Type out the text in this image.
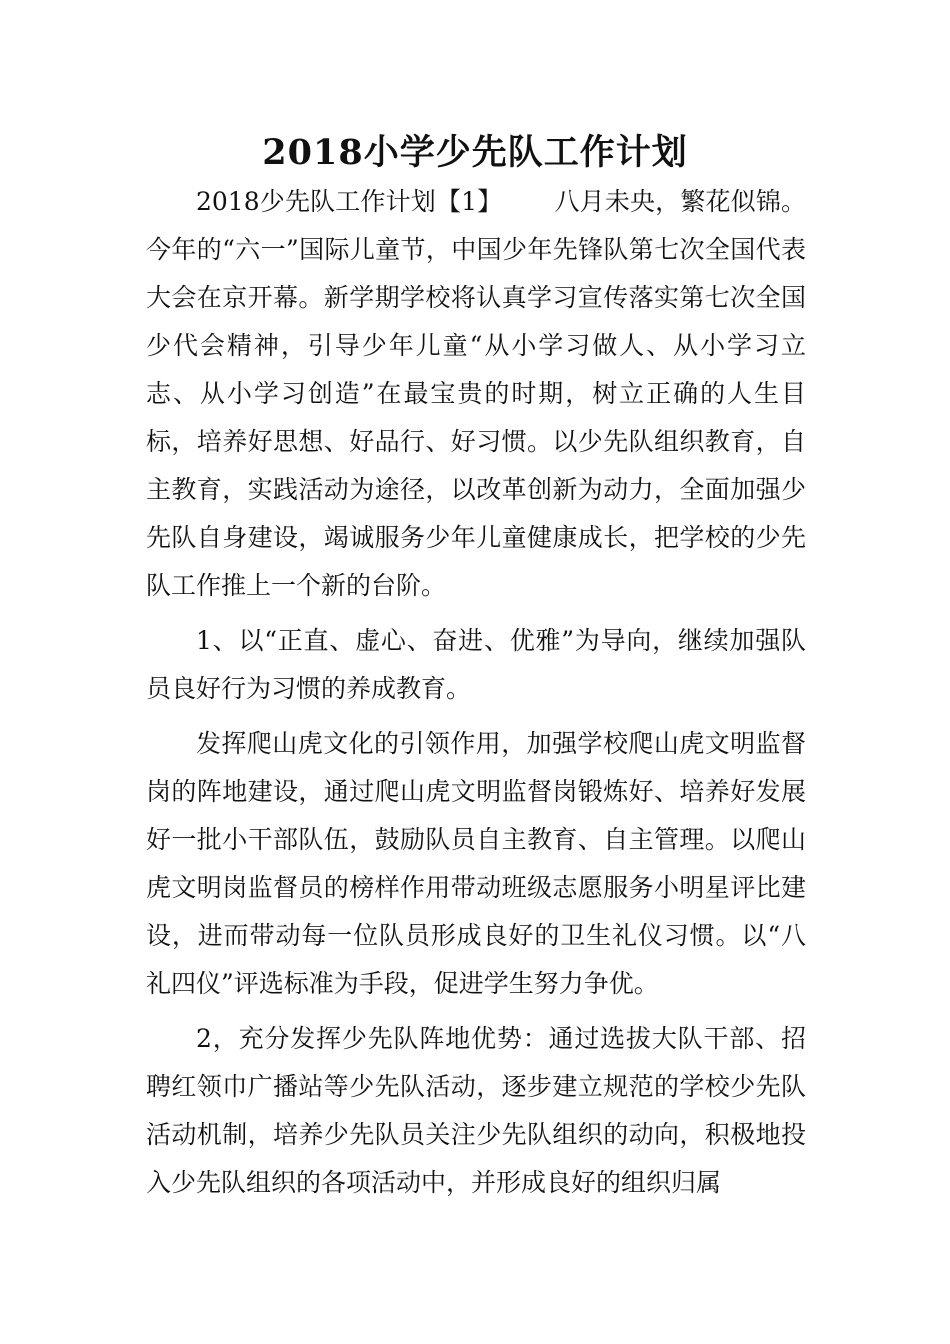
2018小学少先队工作计划

2018少先队工作计划【1】 八月未央，繁花似锦。今年的“六一”国际儿童节，中国少年先锋队第七次全国代表大会在京开幕。新学期学校将认真学习宣传落实第七次全国少代会精神，引导少年儿童“从小学习做人、从小学习立志、从小学习创造”在最宝贵的时期，树立正确的人生目标，培养好思想、好品行、好习惯。以少先队组织教育，自主教育，实践活动为途径，以改革创新为动力，全面加强少先队自身建设，竭诚服务少年儿童健康成长，把学校的少先队工作推上一个新的台阶。

1、以“正直、虚心、奋进、优雅”为导向，继续加强队员良好行为习惯的养成教育。

发挥爬山虎文化的引领作用，加强学校爬山虎文明监督岗的阵地建设，通过爬山虎文明监督岗锻炼好、培养好发展好一批小干部队伍，鼓励队员自主教育、自主管理。以爬山虎文明岗监督员的榜样作用带动班级志愿服务小明星评比建设，进而带动每一位队员形成良好的卫生礼仪习惯。以“八礼四仪”评选标准为手段，促进学生努力争优。

2，充分发挥少先队阵地优势：通过选拔大队干部、招聘红领巾广播站等少先队活动，逐步建立规范的学校少先队活动机制，培养少先队员关注少先队组织的动向，积极地投入少先队组织的各项活动中，并形成良好的组织归属
